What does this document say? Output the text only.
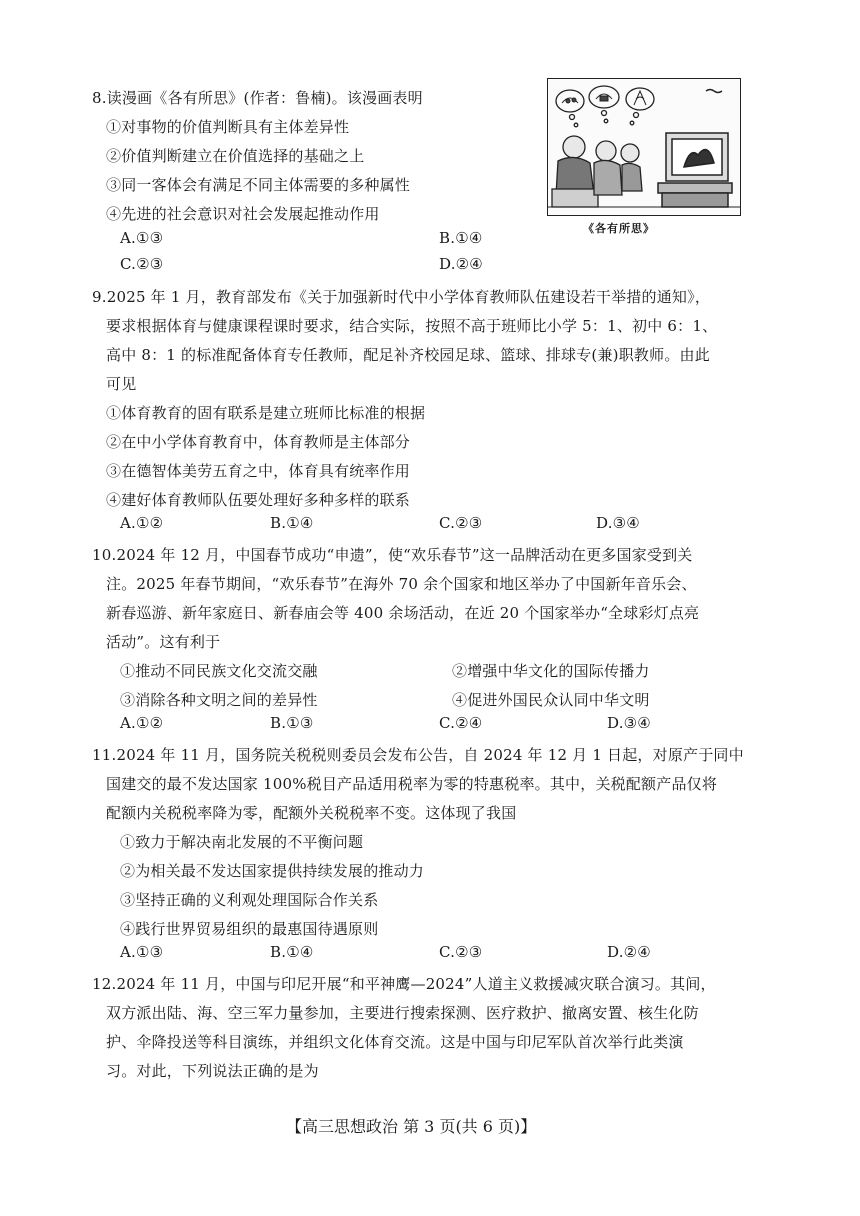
8.读漫画《各有所思》(作者：鲁楠)。该漫画表明
①对事物的价值判断具有主体差异性
②价值判断建立在价值选择的基础之上
③同一客体会有满足不同主体需要的多种属性
④先进的社会意识对社会发展起推动作用
A.①③	B.①④
C.②③	D.②④
《各有所思》
9.2025 年 1 月，教育部发布《关于加强新时代中小学体育教师队伍建设若干举措的通知》，
要求根据体育与健康课程课时要求，结合实际，按照不高于班师比小学 5：1、初中 6：1、
高中 8：1 的标准配备体育专任教师，配足补齐校园足球、篮球、排球专(兼)职教师。由此
可见
①体育教育的固有联系是建立班师比标准的根据
②在中小学体育教育中，体育教师是主体部分
③在德智体美劳五育之中，体育具有统率作用
④建好体育教师队伍要处理好多种多样的联系
A.①②	B.①④	C.②③	D.③④
10.2024 年 12 月，中国春节成功“申遗”，使“欢乐春节”这一品牌活动在更多国家受到关
注。2025 年春节期间，“欢乐春节”在海外 70 余个国家和地区举办了中国新年音乐会、
新春巡游、新年家庭日、新春庙会等 400 余场活动，在近 20 个国家举办“全球彩灯点亮
活动”。这有利于
①推动不同民族文化交流交融	②增强中华文化的国际传播力
③消除各种文明之间的差异性	④促进外国民众认同中华文明
A.①②	B.①③	C.②④	D.③④
11.2024 年 11 月，国务院关税税则委员会发布公告，自 2024 年 12 月 1 日起，对原产于同中
国建交的最不发达国家 100%税目产品适用税率为零的特惠税率。其中，关税配额产品仅将
配额内关税税率降为零，配额外关税税率不变。这体现了我国
①致力于解决南北发展的不平衡问题
②为相关最不发达国家提供持续发展的推动力
③坚持正确的义利观处理国际合作关系
④践行世界贸易组织的最惠国待遇原则
A.①③	B.①④	C.②③	D.②④
12.2024 年 11 月，中国与印尼开展“和平神鹰—2024”人道主义救援减灾联合演习。其间，
双方派出陆、海、空三军力量参加，主要进行搜索探测、医疗救护、撤离安置、核生化防
护、伞降投送等科目演练，并组织文化体育交流。这是中国与印尼军队首次举行此类演
习。对此，下列说法正确的是为
【高三思想政治 第 3 页(共 6 页)】
